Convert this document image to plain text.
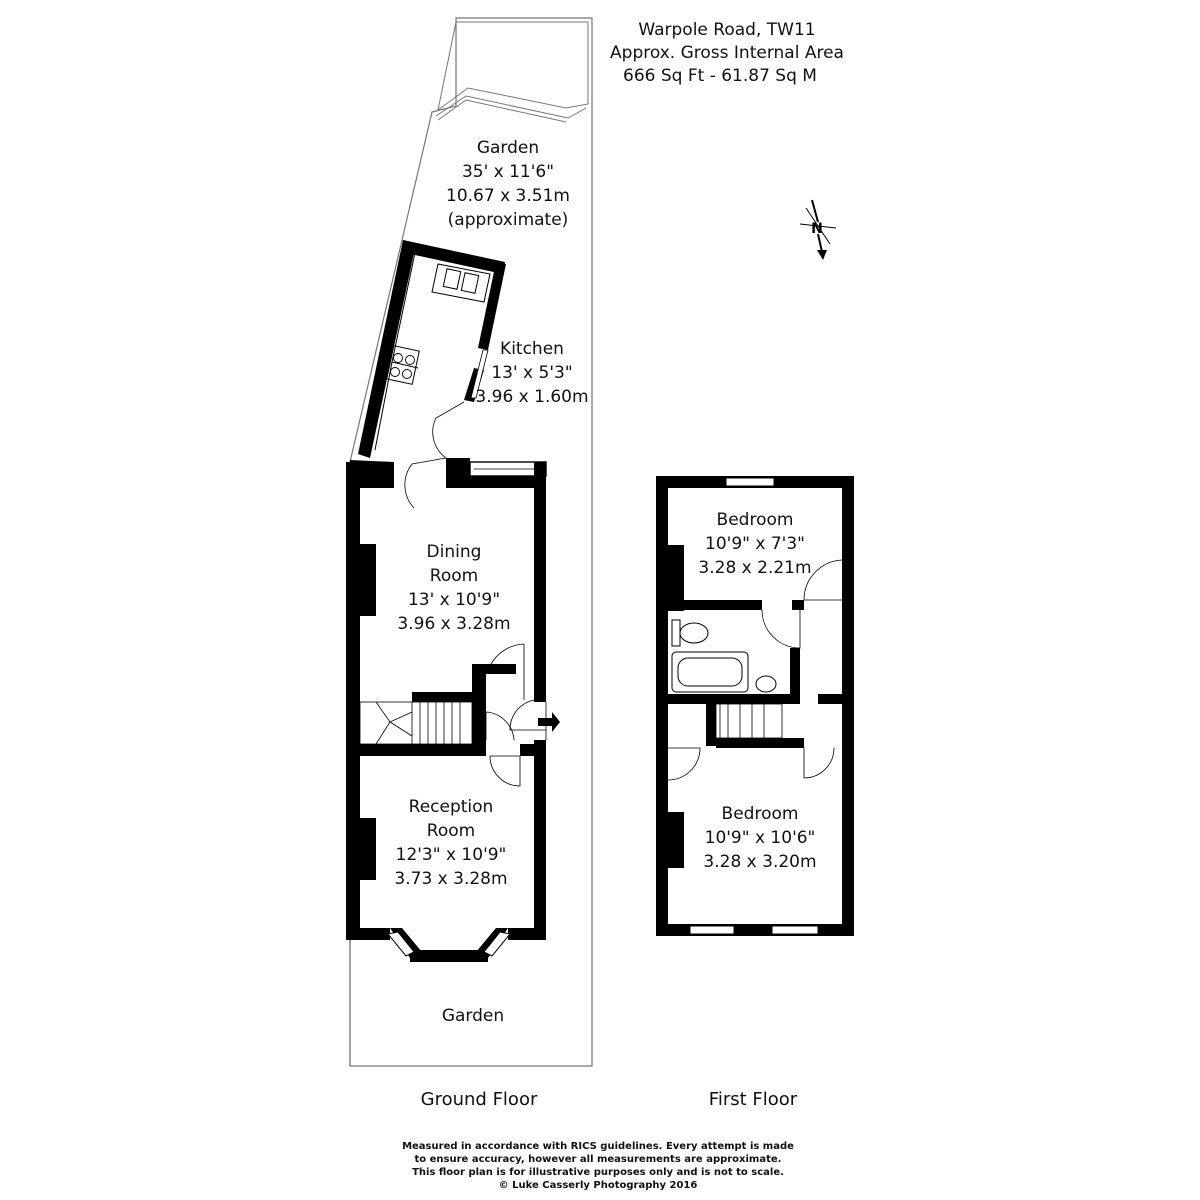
Warpole Road, TW11
Approx. Gross Internal Area
666 Sq Ft - 61.87 Sq M
N
Garden
35' x 11'6"
10.67 x 3.51m
(approximate)
Kitchen
13' x 5'3"
3.96 x 1.60m
Dining
Room
13' x 10'9"
3.96 x 3.28m
Reception
Room
12'3" x 10'9"
3.73 x 3.28m
Garden
Bedroom
10'9" x 7'3"
3.28 x 2.21m
Bedroom
10'9" x 10'6"
3.28 x 3.20m
Ground Floor	First Floor
Measured in accordance with RICS guidelines. Every attempt is made
to ensure accuracy, however all measurements are approximate.
This floor plan is for illustrative purposes only and is not to scale.
© Luke Casserly Photography 2016
